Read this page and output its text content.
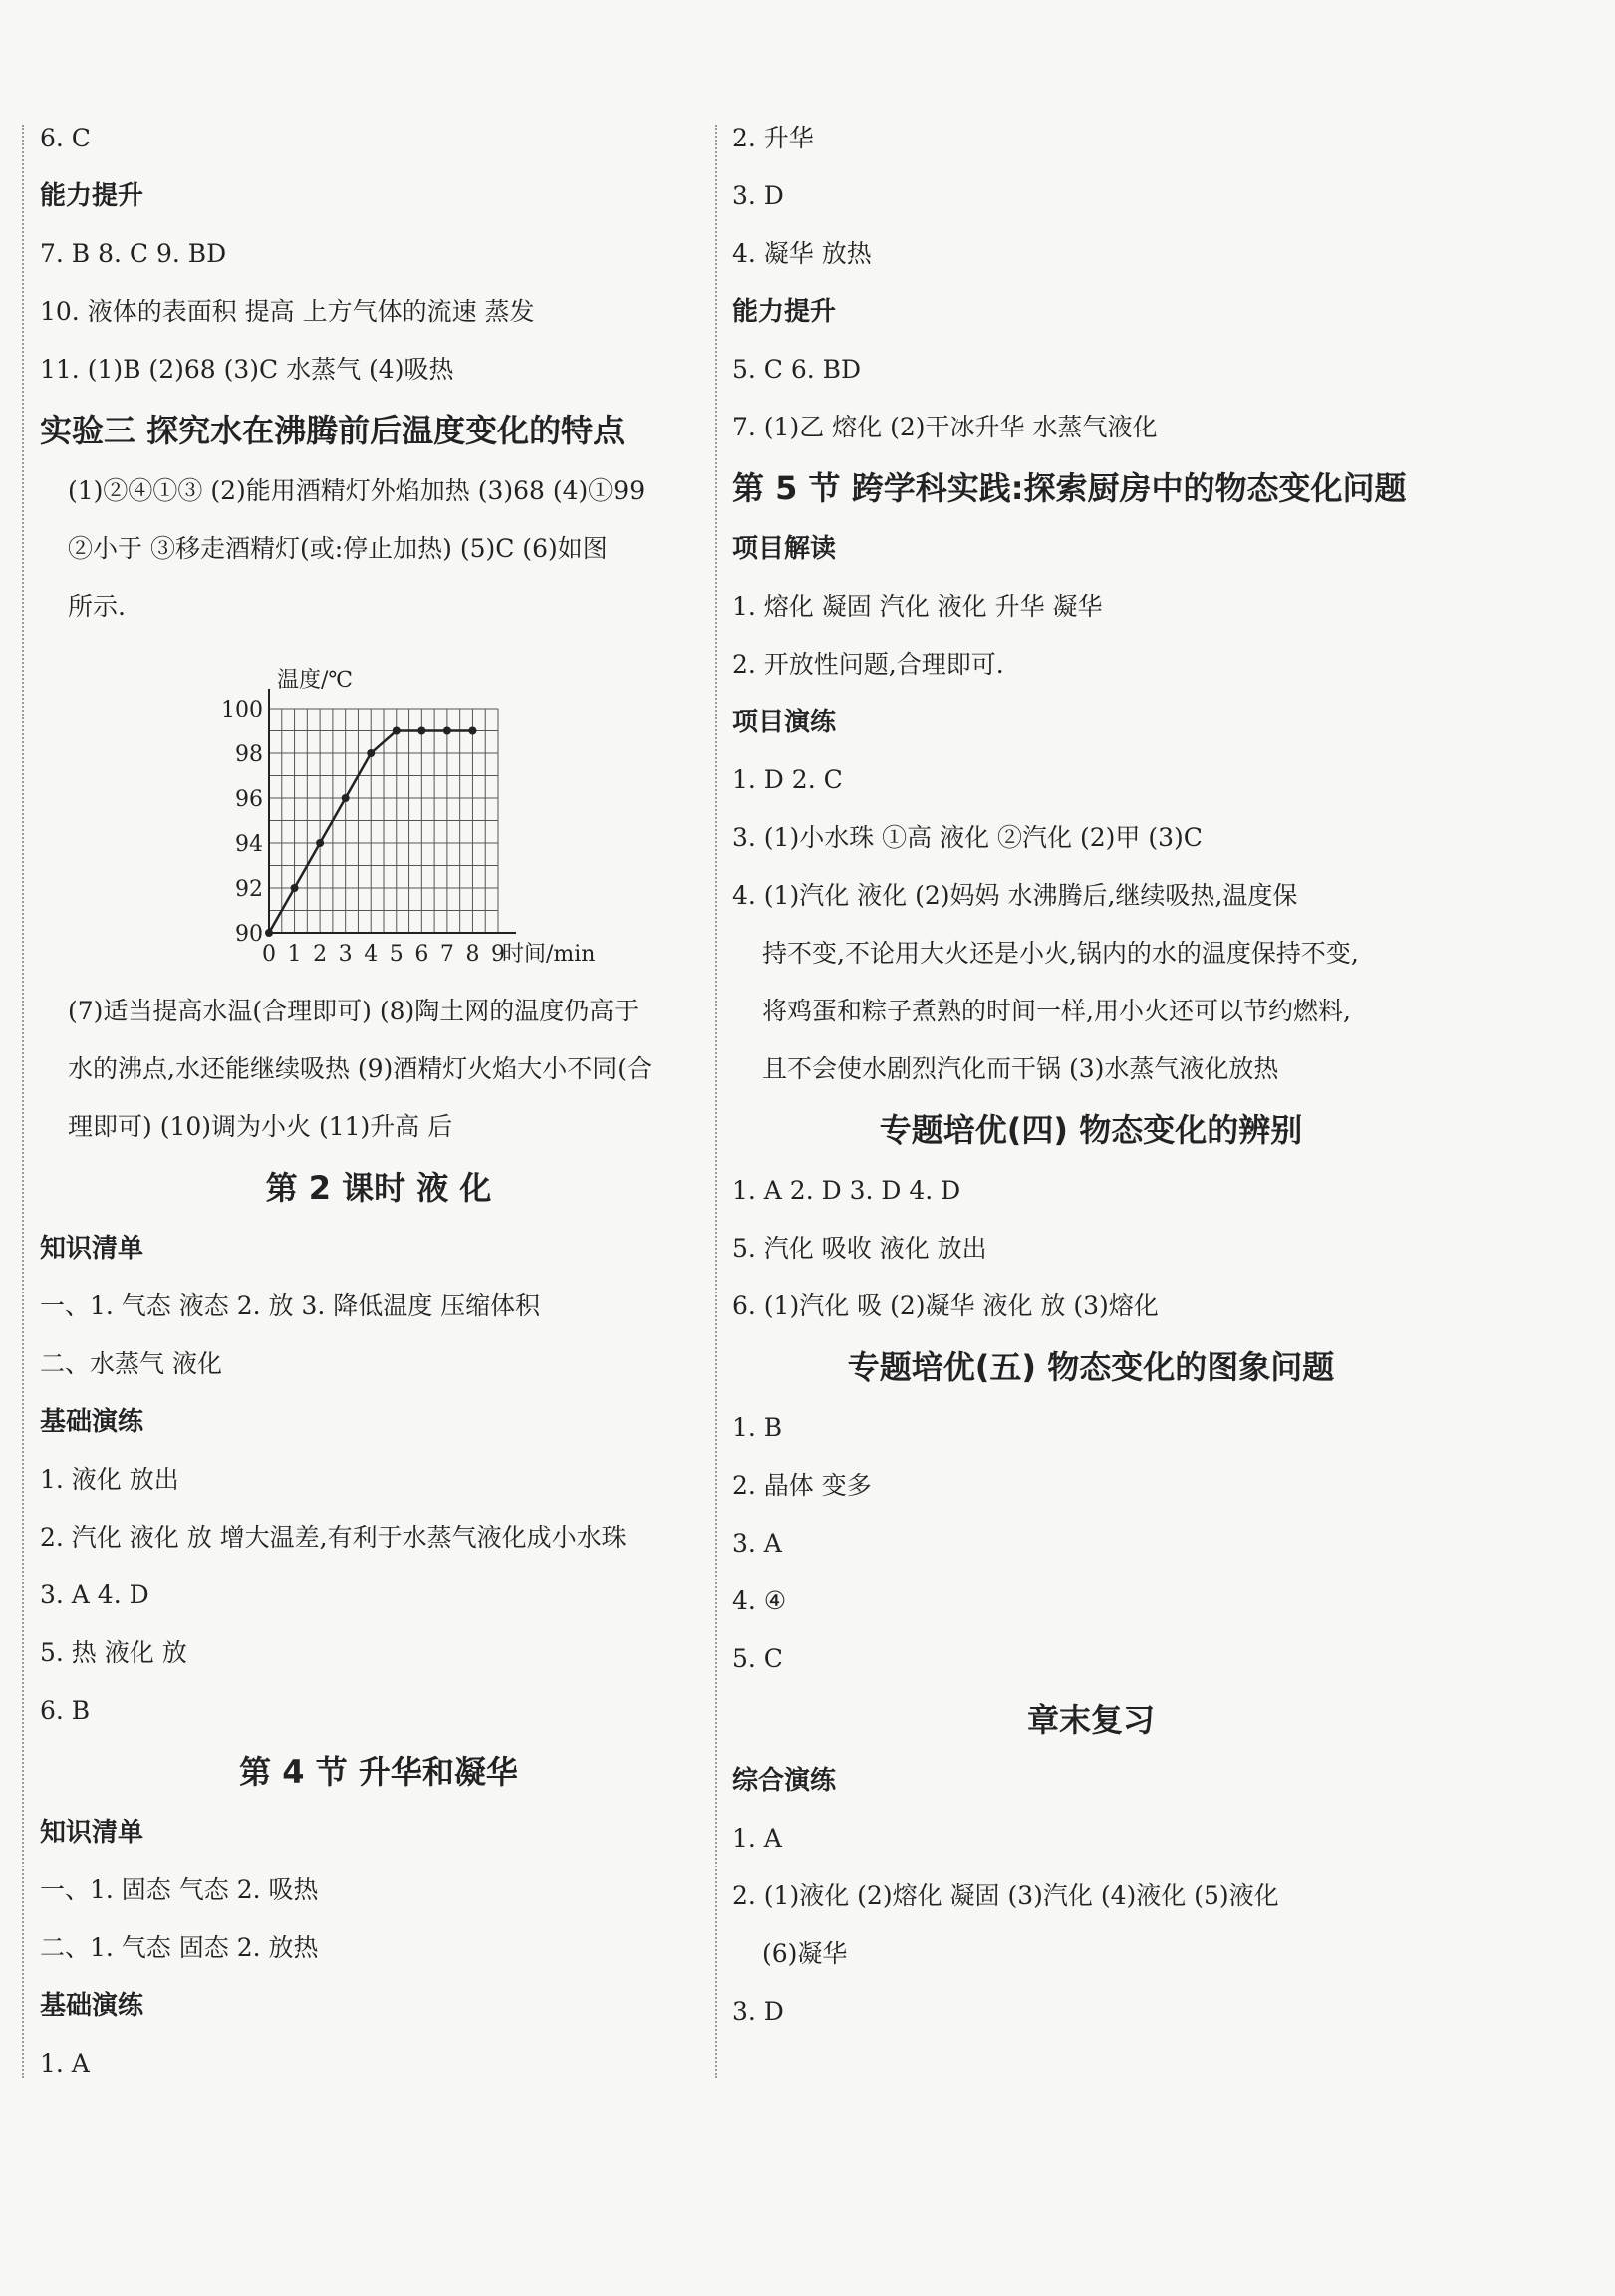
6. C
能力提升
7. B 8. C 9. BD
10. 液体的表面积 提高 上方气体的流速 蒸发
11. (1)B (2)68 (3)C 水蒸气 (4)吸热
实验三 探究水在沸腾前后温度变化的特点
(1)②④①③ (2)能用酒精灯外焰加热 (3)68 (4)①99
②小于 ③移走酒精灯(或:停止加热) (5)C (6)如图
所示.
0 1 2 3 4 5 6 7 8 9
90
92
94
96
98
100
温度/℃
时间/min
(7)适当提高水温(合理即可) (8)陶土网的温度仍高于
水的沸点,水还能继续吸热 (9)酒精灯火焰大小不同(合
理即可) (10)调为小火 (11)升高 后
第 2 课时 液 化
知识清单
一、1. 气态 液态 2. 放 3. 降低温度 压缩体积
二、水蒸气 液化
基础演练
1. 液化 放出
2. 汽化 液化 放 增大温差,有利于水蒸气液化成小水珠
3. A 4. D
5. 热 液化 放
6. B
第 4 节 升华和凝华
知识清单
一、1. 固态 气态 2. 吸热
二、1. 气态 固态 2. 放热
基础演练
1. A
2. 升华
3. D
4. 凝华 放热
能力提升
5. C 6. BD
7. (1)乙 熔化 (2)干冰升华 水蒸气液化
第 5 节 跨学科实践:探索厨房中的物态变化问题
项目解读
1. 熔化 凝固 汽化 液化 升华 凝华
2. 开放性问题,合理即可.
项目演练
1. D 2. C
3. (1)小水珠 ①高 液化 ②汽化 (2)甲 (3)C
4. (1)汽化 液化 (2)妈妈 水沸腾后,继续吸热,温度保
持不变,不论用大火还是小火,锅内的水的温度保持不变,
将鸡蛋和粽子煮熟的时间一样,用小火还可以节约燃料,
且不会使水剧烈汽化而干锅 (3)水蒸气液化放热
专题培优(四) 物态变化的辨别
1. A 2. D 3. D 4. D
5. 汽化 吸收 液化 放出
6. (1)汽化 吸 (2)凝华 液化 放 (3)熔化
专题培优(五) 物态变化的图象问题
1. B
2. 晶体 变多
3. A
4. ④
5. C
章末复习
综合演练
1. A
2. (1)液化 (2)熔化 凝固 (3)汽化 (4)液化 (5)液化
(6)凝华
3. D
